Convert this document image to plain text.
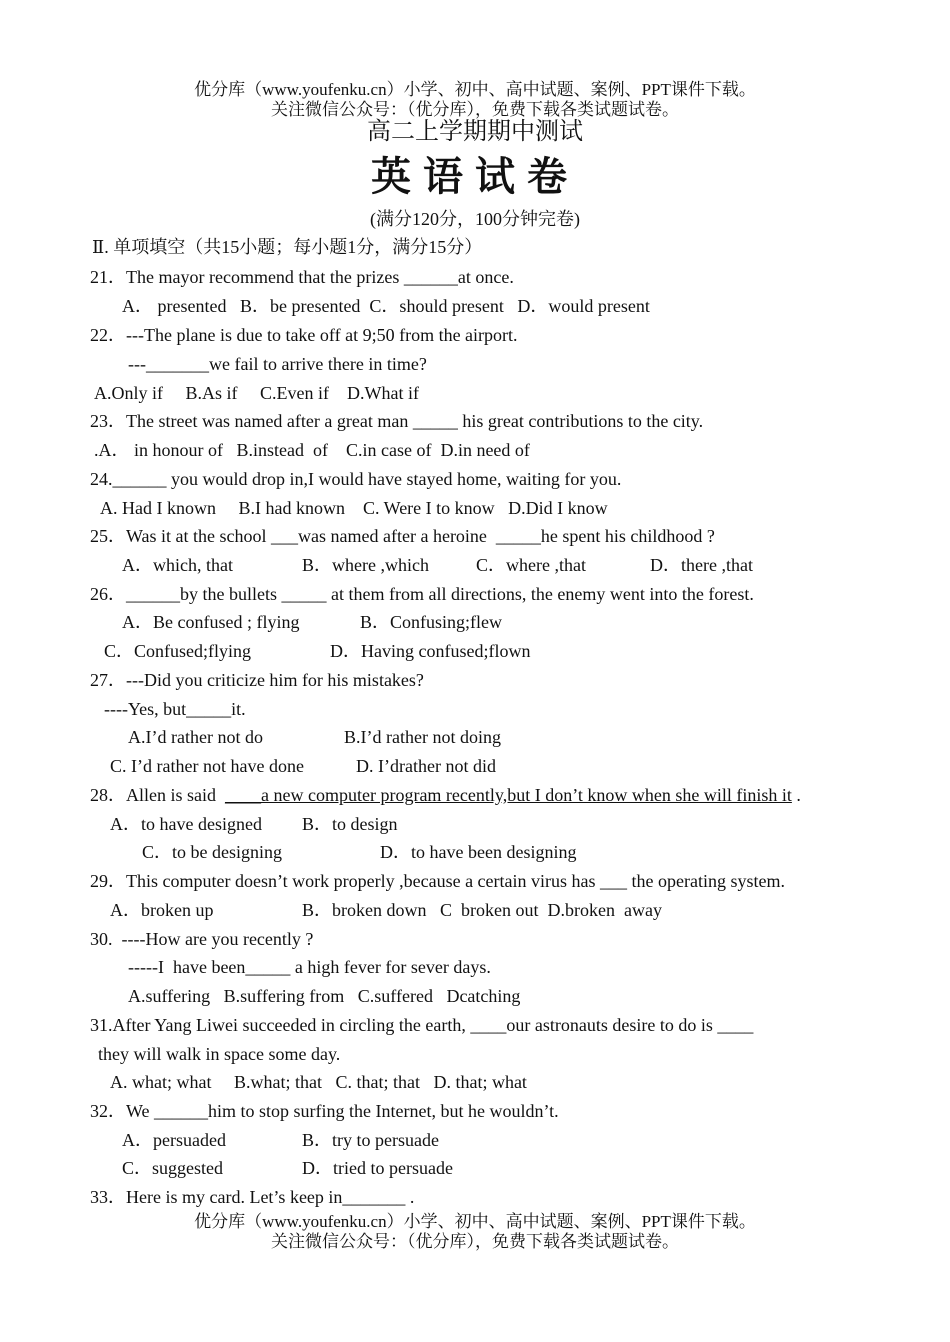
优分库（www.youfenku.cn）小学、初中、高中试题、案例、PPT课件下载。
关注微信公众号：（优分库），免费下载各类试题试卷。
高二上学期期中测试
英语试卷
(满分120分，100分钟完卷)
Ⅱ. 单项填空（共15小题；每小题1分，满分15分）
21．The mayor recommend that the prizes ______at once.
A． presented   B．be presented  C．should present   D．would present
22．---The plane is due to take off at 9;50 from the airport.
---_______we fail to arrive there in time?
A.Only if     B.As if     C.Even if    D.What if
23．The street was named after a great man _____ his great contributions to the city.
.A． in honour of   B.instead  of    C.in case of  D.in need of
24.______ you would drop in,I would have stayed home, waiting for you.
A. Had I known     B.I had known    C. Were I to know   D.Did I know
25．Was it at the school ___was named after a heroine  _____he spent his childhood ?
A．which, that	B．where ,which	C．where ,that	D．there ,that
26．______by the bullets _____ at them from all directions, the enemy went into the forest.
A．Be confused ; flying	B．Confusing;flew
C．Confused;flying	D．Having confused;flown
27．---Did you criticize him for his mistakes?
----Yes, but_____it.
A.I’d rather not do	B.I’d rather not doing
C. I’d rather not have done	D. I’drather not did
28．Allen is said  ____a new computer program recently,but I don’t know when she will finish it .
A．to have designed B．to design
C．to be designing	D．to have been designing
29．This computer doesn’t work properly ,because a certain virus has ___ the operating system.
A．broken up	B．broken down   C  broken out  D.broken  away
30.  ----How are you recently ?
-----I  have been_____ a high fever for sever days.
A.suffering   B.suffering from   C.suffered   Dcatching
31.After Yang Liwei succeeded in circling the earth, ____our astronauts desire to do is ____
they will walk in space some day.
A. what; what     B.what; that   C. that; that   D. that; what
32．We ______him to stop surfing the Internet, but he wouldn’t.
A．persuaded	B．try to persuade
C．suggested	D．tried to persuade
33．Here is my card. Let’s keep in_______ .
优分库（www.youfenku.cn）小学、初中、高中试题、案例、PPT课件下载。
关注微信公众号：（优分库），免费下载各类试题试卷。
